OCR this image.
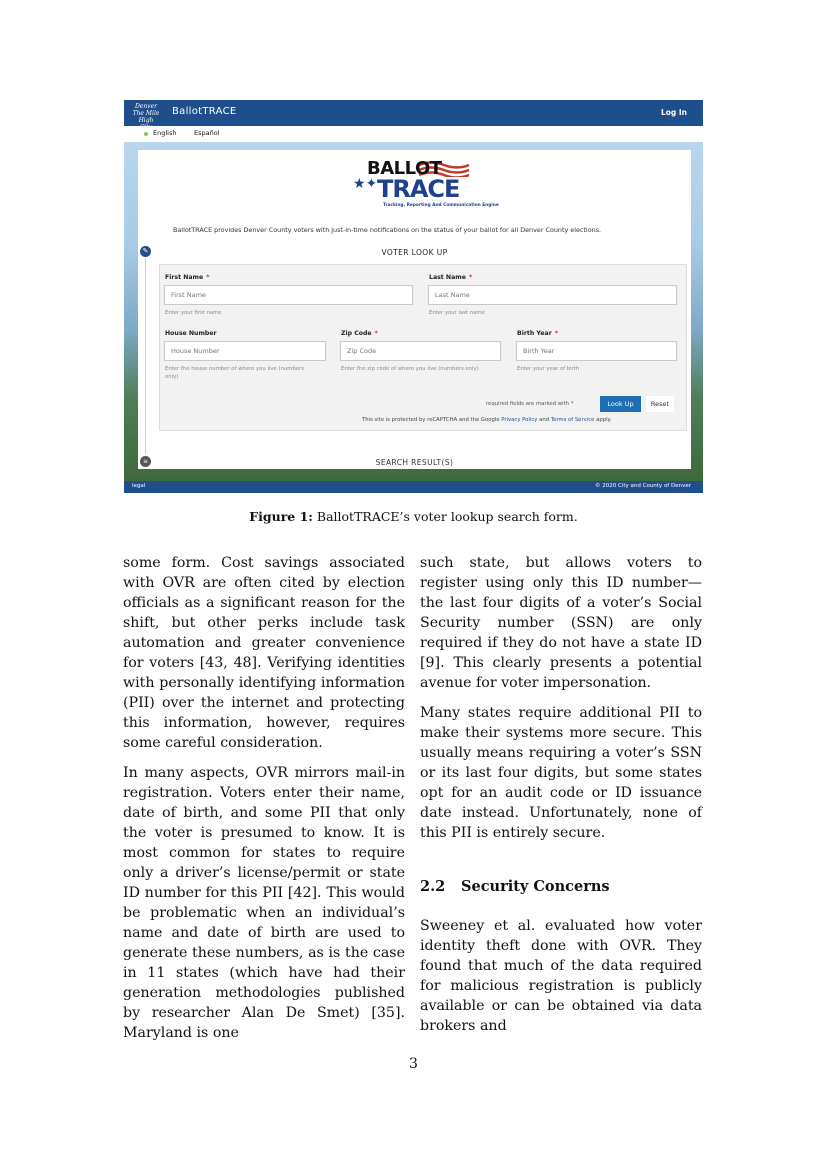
Denver The Mile High
BallotTRACE	Log In
English	Español
BALLOT
★✦ TRACE
Tracking, Reporting And Communication Engine
BallotTRACE provides Denver County voters with just-in-time notifications on the status of your ballot for all Denver County elections.
✎	VOTER LOOK UP
First Name *
First Name
Enter your first name
Last Name *
Last Name
Enter your last name
House Number
House Number
Enter the house number of where you live (numbers only)
Zip Code *
Zip Code
Enter the zip code of where you live (numbers only)
Birth Year *
Birth Year
Enter your year of birth
required fields are marked with *	Look Up	Reset
This site is protected by reCAPTCHA and the Google Privacy Policy and Terms of Service apply.
≡	SEARCH RESULT(S)
legal	© 2020 City and County of Denver
Figure 1: BallotTRACE’s voter lookup search form.

some form. Cost savings associated with OVR are often cited by election officials as a significant reason for the shift, but other perks include task automation and greater convenience for voters [43, 48]. Verifying identities with personally identifying information (PII) over the internet and protecting this information, however, requires some careful consideration.

In many aspects, OVR mirrors mail-in registration. Voters enter their name, date of birth, and some PII that only the voter is presumed to know. It is most common for states to require only a driver’s license/permit or state ID number for this PII [42]. This would be problematic when an individual’s name and date of birth are used to generate these numbers, as is the case in 11 states (which have had their generation methodologies published by researcher Alan De Smet) [35]. Maryland is one

such state, but allows voters to register using only this ID number—the last four digits of a voter’s Social Security number (SSN) are only required if they do not have a state ID [9]. This clearly presents a potential avenue for voter impersonation.

Many states require additional PII to make their systems more secure. This usually means requiring a voter’s SSN or its last four digits, but some states opt for an audit code or ID issuance date instead. Unfortunately, none of this PII is entirely secure.

2.2 Security Concerns

Sweeney et al. evaluated how voter identity theft done with OVR. They found that much of the data required for malicious registration is publicly available or can be obtained via data brokers and

3
